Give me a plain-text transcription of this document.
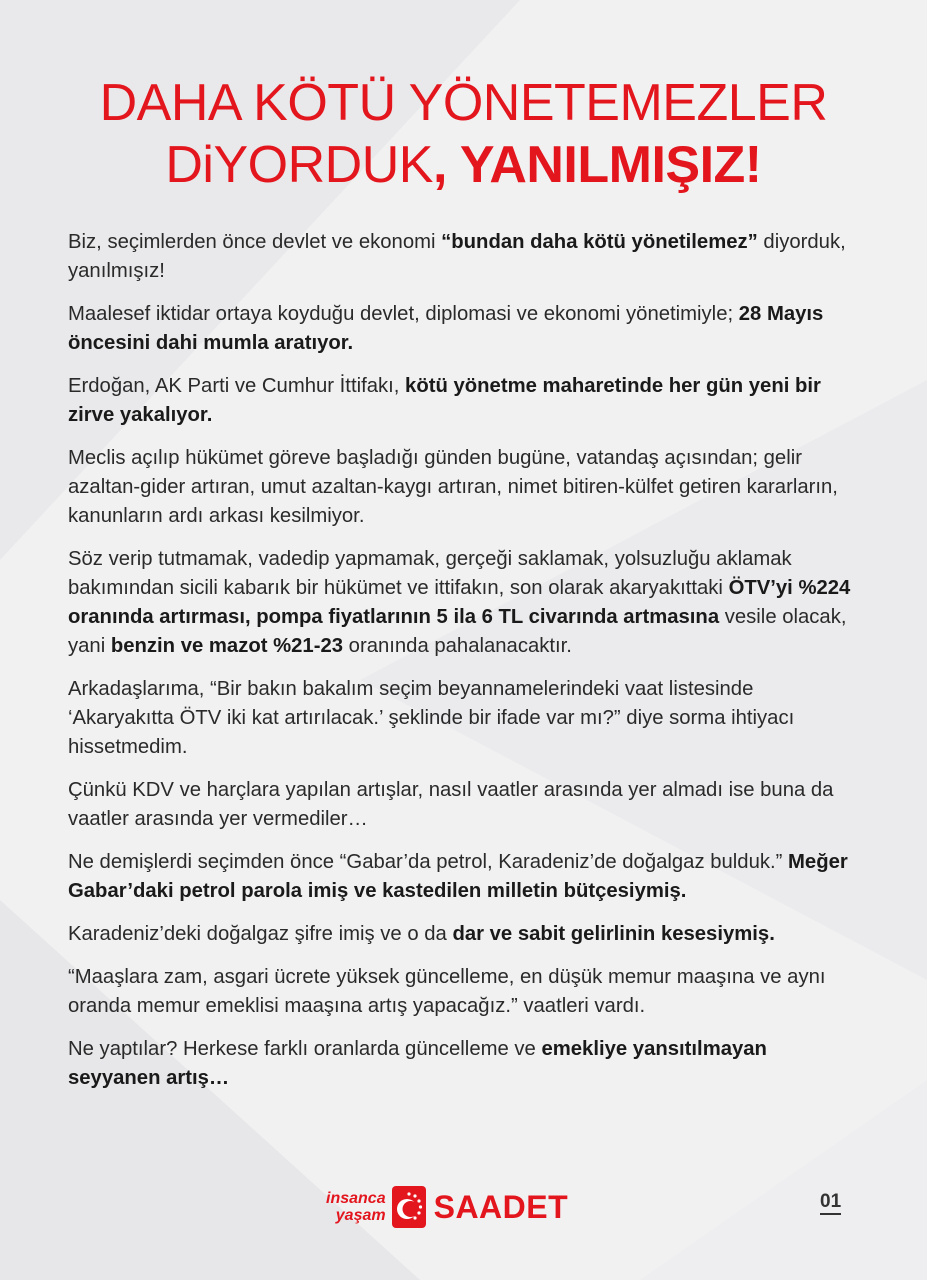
DAHA KÖTÜ YÖNETEMEZLER
DiYORDUK, YANILMIŞIZ!

Biz, seçimlerden önce devlet ve ekonomi “bundan daha kötü yönetilemez” diyorduk, yanılmışız!

Maalesef iktidar ortaya koyduğu devlet, diplomasi ve ekonomi yönetimiyle; 28 Mayıs öncesini dahi mumla aratıyor.

Erdoğan, AK Parti ve Cumhur İttifakı, kötü yönetme maharetinde her gün yeni bir zirve yakalıyor.

Meclis açılıp hükümet göreve başladığı günden bugüne, vatandaş açısından; gelir azaltan-gider artıran, umut azaltan-kaygı artıran, nimet bitiren-külfet getiren kararların, kanunların ardı arkası kesilmiyor.

Söz verip tutmamak, vadedip yapmamak, gerçeği saklamak, yolsuzluğu aklamak bakımından sicili kabarık bir hükümet ve ittifakın, son olarak akaryakıttaki ÖTV’yi %224 oranında artırması, pompa fiyatlarının 5 ila 6 TL civarında artmasına vesile olacak, yani benzin ve mazot %21-23 oranında pahalanacaktır.

Arkadaşlarıma, “Bir bakın bakalım seçim beyannamelerindeki vaat listesinde ‘Akaryakıtta ÖTV iki kat artırılacak.’ şeklinde bir ifade var mı?” diye sorma ihtiyacı hissetmedim.

Çünkü KDV ve harçlara yapılan artışlar, nasıl vaatler arasında yer almadı ise buna da vaatler arasında yer vermediler…

Ne demişlerdi seçimden önce “Gabar’da petrol, Karadeniz’de doğalgaz bulduk.” Meğer Gabar’daki petrol parola imiş ve kastedilen milletin bütçesiymiş.

Karadeniz’deki doğalgaz şifre imiş ve o da dar ve sabit gelirlinin kesesiymiş.

“Maaşlara zam, asgari ücrete yüksek güncelleme, en düşük memur maaşına ve aynı oranda memur emeklisi maaşına artış yapacağız.” vaatleri vardı.

Ne yaptılar? Herkese farklı oranlarda güncelleme ve emekliye yansıtılmayan seyyanen artış…

insanca
yaşam SAADET	01
